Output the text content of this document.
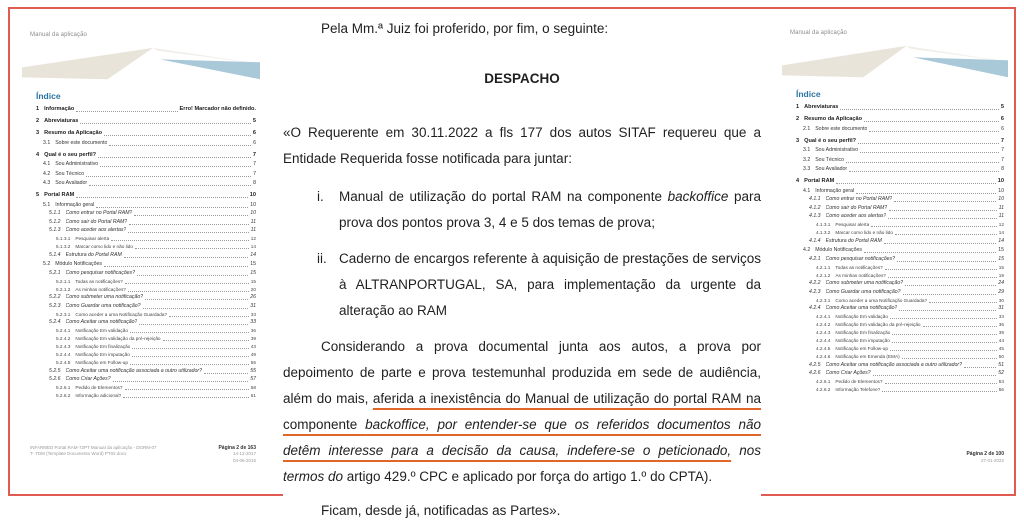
Manual da aplicação
Índice
1 Informação	Erro! Marcador não definido.
2 Abreviaturas	5
3 Resumo da Aplicação	6
3.1 Sobre este documento	6
4 Qual é o seu perfil?	7
4.1 Sou Administrativo	7
4.2 Sou Técnico	7
4.3 Sou Avaliador	8
5 Portal RAM	10
5.1 Informação geral	10
5.1.1 Como entrar no Portal RAM?	10
5.1.2 Como sair do Portal RAM?	11
5.1.3 Como aceder aos alertas?	11
5.1.3.1 Pesquisar alerta	12
5.1.3.2 Marcar como lido e não lido	14
5.1.4 Estrutura do Portal RAM	14
5.2 Módulo Notificações	15
5.2.1 Como pesquisar notificações?	15
5.2.1.1 Todas as notificações?	15
5.2.1.2 As minhas notificações?	20
5.2.2 Como submeter uma notificação?	26
5.2.3 Como Guardar uma notificação?	31
5.2.3.1 Como aceder a uma Notificação Guardada?	33
5.2.4 Como Aceitar uma notificação?	33
5.2.4.1 Notificação Em validação	36
5.2.4.2 Notificação Em validação da pré-rejeição	39
5.2.4.3 Notificação Em finalização	43
5.2.4.4 Notificação Em imputação	49
5.2.4.5 Notificação em Follow-up	55
5.2.5 Como Aceitar uma notificação associada a outro utilizador?	55
5.2.6 Como Criar Ações?	57
5.2.6.1 Pedido de Elementos?	58
5.2.6.2 Informação adicional?	61
INFARMED Portal RAM-72PT Manual da aplicação - DGRM-07
T- TDM (Template Documento Word) PT02.docx
Página 2 de 163
14-12-2017
04-06-2015

Pela Mm.ª Juiz foi proferido, por fim, o seguinte:

DESPACHO

«O Requerente em 30.11.2022 a fls 177 dos autos SITAF requereu que a Entidade Requerida fosse notificada para juntar:

i. Manual de utilização do portal RAM na componente backoffice para prova dos pontos prova 3, 4 e 5 dos temas de prova;

ii. Caderno de encargos referente à aquisição de prestações de serviços à ALTRANPORTUGAL, SA, para implementação da urgente da alteração ao RAM

Considerando a prova documental junta aos autos, a prova por depoimento de parte e prova testemunhal produzida em sede de audiência, além do mais, aferida a inexistência do Manual de utilização do portal RAM na componente backoffice, por entender-se que os referidos documentos não detêm interesse para a decisão da causa, indefere-se o peticionado, nos termos do artigo 429.º CPC e aplicado por força do artigo 1.º do CPTA).

Ficam, desde já, notificadas as Partes».

Manual da aplicação
Índice
1 Abreviaturas	5
2 Resumo da Aplicação	6
2.1 Sobre este documento	6
3 Qual é o seu perfil?	7
3.1 Sou Administrativo	7
3.2 Sou Técnico	7
3.3 Sou Avaliador	8
4 Portal RAM	10
4.1 Informação geral	10
4.1.1 Como entrar no Portal RAM?	10
4.1.2 Como sair do Portal RAM?	11
4.1.3 Como aceder aos alertas?	11
4.1.3.1 Pesquisar alerta	12
4.1.3.2 Marcar como lido e não lido	14
4.1.4 Estrutura do Portal RAM	14
4.2 Módulo Notificações	15
4.2.1 Como pesquisar notificações?	15
4.2.1.1 Todas as notificações?	15
4.2.1.2 As minhas notificações?	19
4.2.2 Como submeter uma notificação?	24
4.2.3 Como Guardar uma notificação?	29
4.2.3.1 Como aceder a uma Notificação Guardada?	30
4.2.4 Como Aceitar uma notificação?	31
4.2.4.1 Notificação Em validação	33
4.2.4.2 Notificação Em validação da pré-rejeição	36
4.2.4.3 Notificação Em finalização	39
4.2.4.4 Notificação Em imputação	44
4.2.4.5 Notificação em Follow-up	45
4.2.4.6 Notificação em Emenda (EMA)	50
4.2.5 Como Aceitar uma notificação associada a outro utilizador?	51
4.2.6 Como Criar Ações?	52
4.2.6.1 Pedido de Elementos?	53
4.2.6.2 Informação Telefone?	56
Página 2 de 100
27-01-2022
